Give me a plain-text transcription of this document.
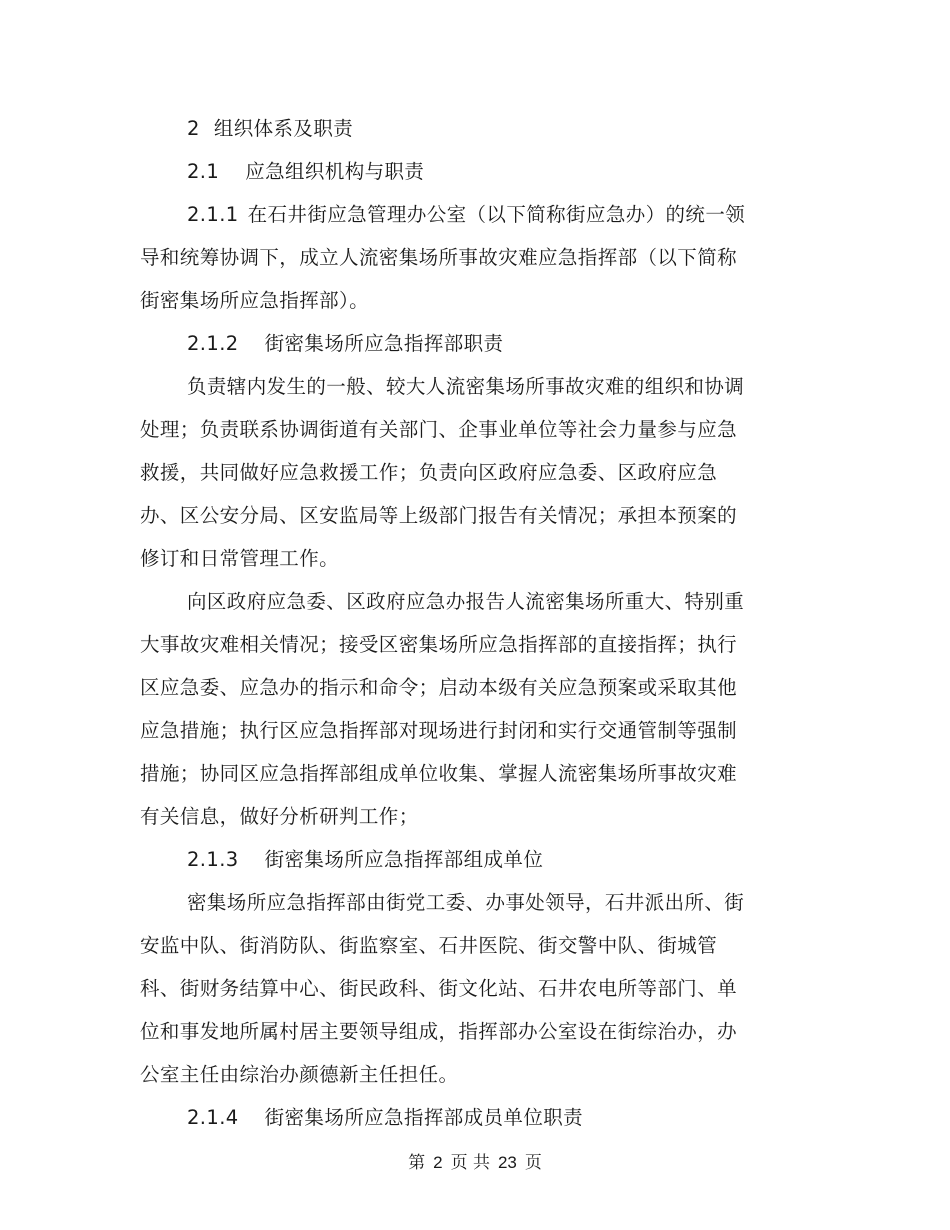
2 组织体系及职责
2.1 应急组织机构与职责
2.1.1 在石井街应急管理办公室（以下简称街应急办）的统一领
导和统筹协调下，成立人流密集场所事故灾难应急指挥部（以下简称
街密集场所应急指挥部）。
2.1.2 街密集场所应急指挥部职责
负责辖内发生的一般、较大人流密集场所事故灾难的组织和协调
处理；负责联系协调街道有关部门、企事业单位等社会力量参与应急
救援，共同做好应急救援工作；负责向区政府应急委、区政府应急
办、区公安分局、区安监局等上级部门报告有关情况；承担本预案的
修订和日常管理工作。
向区政府应急委、区政府应急办报告人流密集场所重大、特别重
大事故灾难相关情况；接受区密集场所应急指挥部的直接指挥；执行
区应急委、应急办的指示和命令；启动本级有关应急预案或采取其他
应急措施；执行区应急指挥部对现场进行封闭和实行交通管制等强制
措施；协同区应急指挥部组成单位收集、掌握人流密集场所事故灾难
有关信息，做好分析研判工作；
2.1.3 街密集场所应急指挥部组成单位
密集场所应急指挥部由街党工委、办事处领导，石井派出所、街
安监中队、街消防队、街监察室、石井医院、街交警中队、街城管
科、街财务结算中心、街民政科、街文化站、石井农电所等部门、单
位和事发地所属村居主要领导组成，指挥部办公室设在街综治办，办
公室主任由综治办颜德新主任担任。
2.1.4 街密集场所应急指挥部成员单位职责
第 2 页 共 23 页
